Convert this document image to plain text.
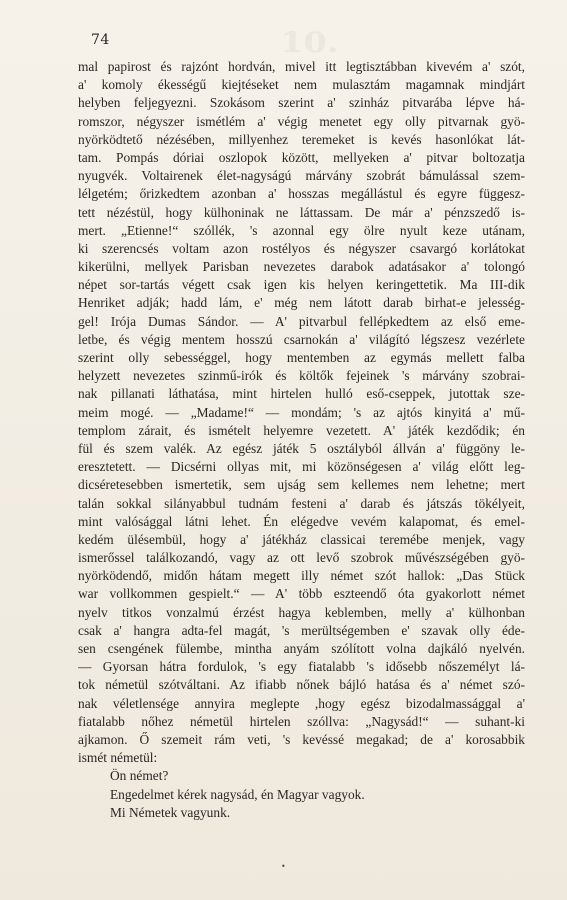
10.
74
mal papirost és rajzónt hordván, mivel itt legtisztábban kivevém a' szót,
a' komoly ékességű kiejtéseket nem mulasztám magamnak mindjárt
helyben feljegyezni. Szokásom szerint a' szinház pitvarába lépve há-
romszor, négyszer ismétlém a' végig menetet egy olly pitvarnak gyö-
nyörködtető nézésében, millyenhez teremeket is kevés hasonlókat lát-
tam. Pompás dóriai oszlopok között, mellyeken a' pitvar boltozatja
nyugvék. Voltairenek élet-nagyságú márvány szobrát bámulással szem-
lélgetém; őrizkedtem azonban a' hosszas megállástul és egyre függesz-
tett nézéstül, hogy külhoninak ne láttassam. De már a' pénzszedő is-
mert. „Etienne!“ szóllék, 's azonnal egy ölre nyult keze utánam,
ki szerencsés voltam azon rostélyos és négyszer csavargó korlátokat
kikerülni, mellyek Parisban nevezetes darabok adatásakor a' tolongó
népet sor-tartás végett csak igen kis helyen keringettetik. Ma III-dik
Henriket adják; hadd lám, e' még nem látott darab birhat-e jelesség-
gel! Irója Dumas Sándor. — A' pitvarbul fellépkedtem az első eme-
letbe, és végig mentem hosszú csarnokán a' világító légszesz vezérlete
szerint olly sebességgel, hogy mentemben az egymás mellett falba
helyzett nevezetes szinmű-irók és költők fejeinek 's márvány szobrai-
nak pillanati láthatása, mint hirtelen hulló eső-cseppek, jutottak sze-
meim mogé. — „Madame!“ — mondám; 's az ajtós kinyitá a' mű-
templom zárait, és ismételt helyemre vezetett. A' játék kezdődik; én
fül és szem valék. Az egész játék 5 osztályból állván a' függöny le-
eresztetett. — Dicsérni ollyas mit, mi közönségesen a' világ előtt leg-
dicséretesebben ismertetik, sem ujság sem kellemes nem lehetne; mert
talán sokkal silányabbul tudnám festeni a' darab és játszás tökélyeit,
mint valósággal látni lehet. Én elégedve vevém kalapomat, és emel-
kedém ülésembül, hogy a' játékház classicai teremébe menjek, vagy
ismerőssel találkozandó, vagy az ott levő szobrok művészségében gyö-
nyörködendő, midőn hátam megett illy német szót hallok: „Das Stück
war vollkommen gespielt.“ — A' több eszteendő óta gyakorlott német
nyelv titkos vonzalmú érzést hagya keblemben, melly a' külhonban
csak a' hangra adta-fel magát, 's merültségemben e' szavak olly éde-
sen csengének fülembe, mintha anyám szólított volna dajkáló nyelvén.
— Gyorsan hátra fordulok, 's egy fiatalabb 's idősebb nőszemélyt lá-
tok németül szótváltani. Az ifiabb nőnek bájló hatása és a' német szó-
nak véletlensége annyira meglepte ,hogy egész bizodalmassággal a'
fiatalabb nőhez németül hirtelen szóllva: „Nagysád!“ — suhant-ki
ajkamon. Ő szemeit rám veti, 's kevéssé megakad; de a' korosabbik
ismét németül:
Ön német?
Engedelmet kérek nagysád, én Magyar vagyok.
Mi Németek vagyunk.
•
